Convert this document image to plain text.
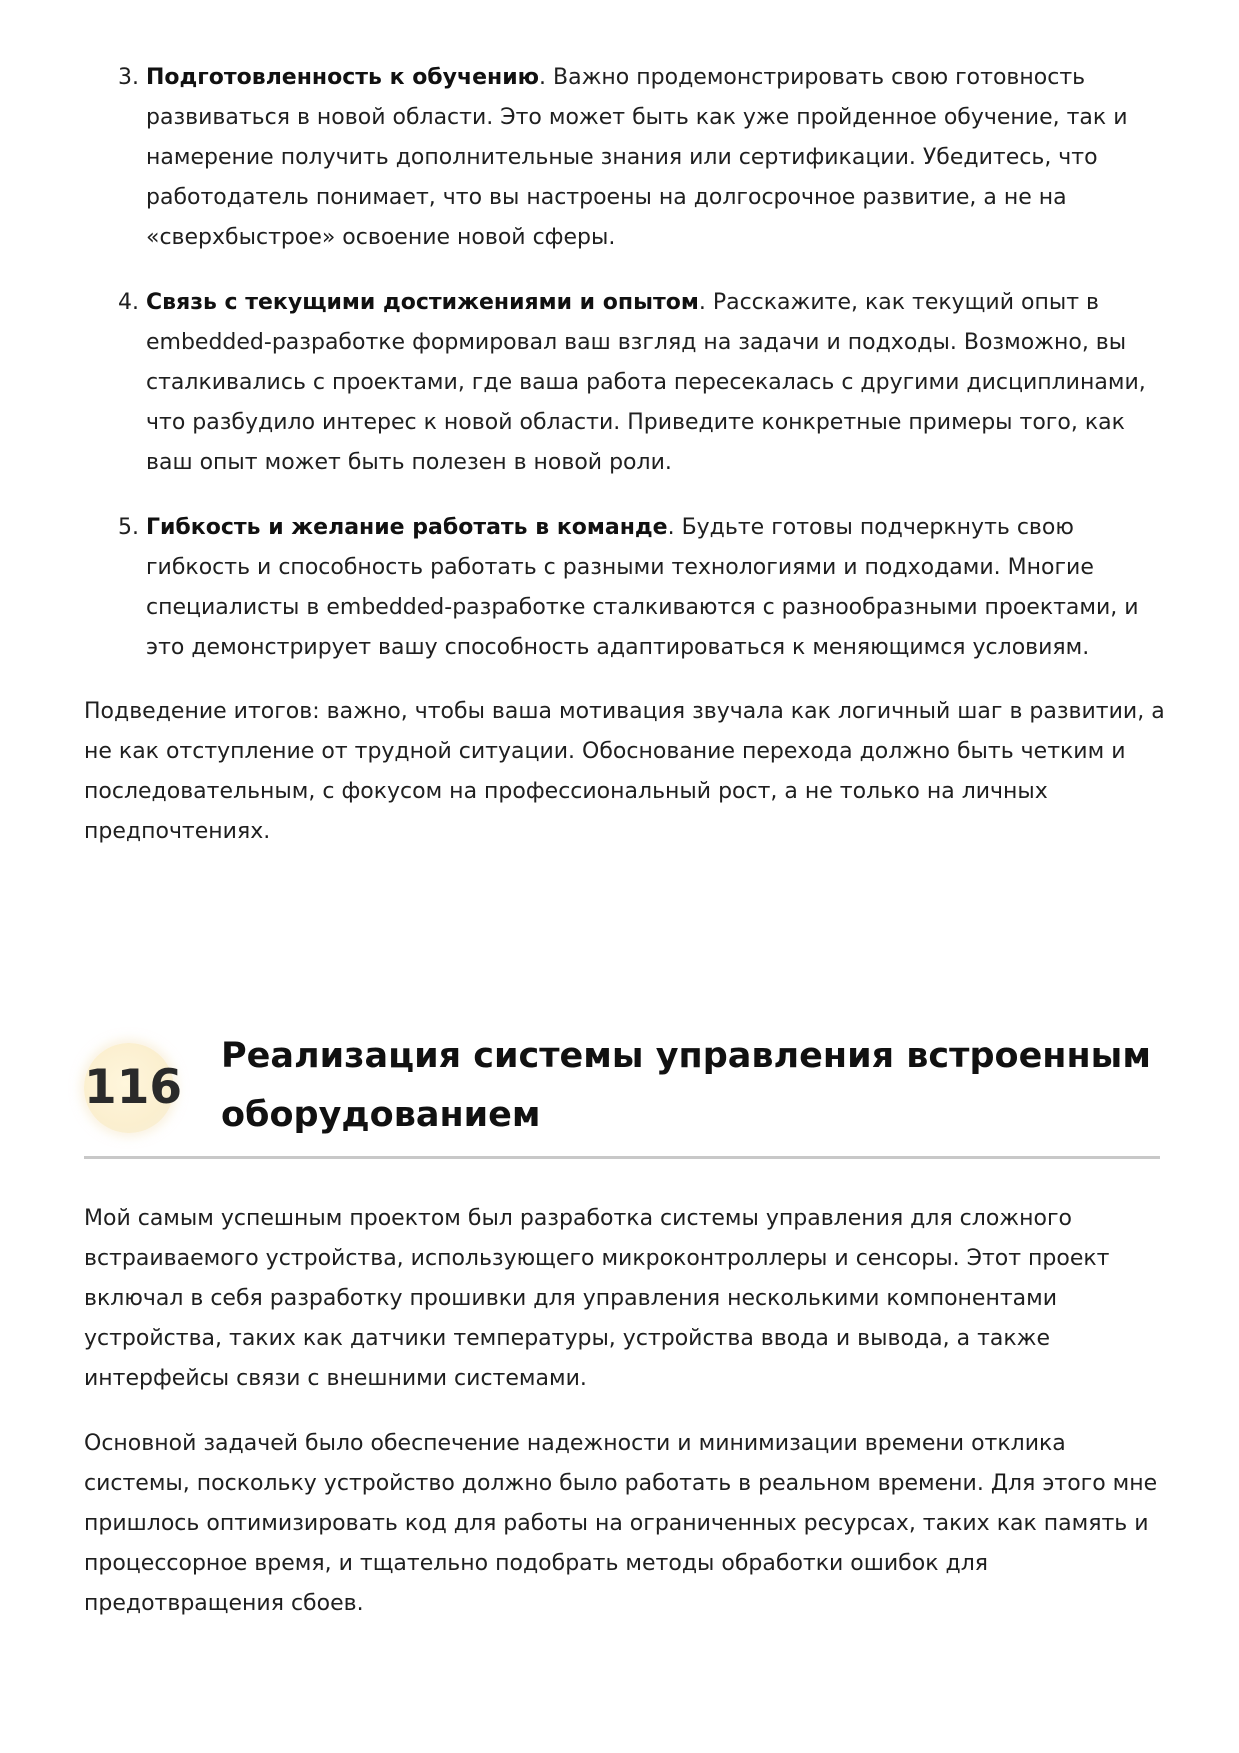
3. Подготовленность к обучению. Важно продемонстрировать свою готовность развиваться в новой области. Это может быть как уже пройденное обучение, так и намерение получить дополнительные знания или сертификации. Убедитесь, что работодатель понимает, что вы настроены на долгосрочное развитие, а не на «сверхбыстрое» освоение новой сферы.
4. Связь с текущими достижениями и опытом. Расскажите, как текущий опыт в embedded-разработке формировал ваш взгляд на задачи и подходы. Возможно, вы сталкивались с проектами, где ваша работа пересекалась с другими дисциплинами, что разбудило интерес к новой области. Приведите конкретные примеры того, как ваш опыт может быть полезен в новой роли.
5. Гибкость и желание работать в команде. Будьте готовы подчеркнуть свою гибкость и способность работать с разными технологиями и подходами. Многие специалисты в embedded-разработке сталкиваются с разнообразными проектами, и это демонстрирует вашу способность адаптироваться к меняющимся условиям.

Подведение итогов: важно, чтобы ваша мотивация звучала как логичный шаг в развитии, а не как отступление от трудной ситуации. Обоснование перехода должно быть четким и последовательным, с фокусом на профессиональный рост, а не только на личных предпочтениях.

116
Реализация системы управления встроенным оборудованием

Мой самым успешным проектом был разработка системы управления для сложного встраиваемого устройства, использующего микроконтроллеры и сенсоры. Этот проект включал в себя разработку прошивки для управления несколькими компонентами устройства, таких как датчики температуры, устройства ввода и вывода, а также интерфейсы связи с внешними системами.

Основной задачей было обеспечение надежности и минимизации времени отклика системы, поскольку устройство должно было работать в реальном времени. Для этого мне пришлось оптимизировать код для работы на ограниченных ресурсах, таких как память и процессорное время, и тщательно подобрать методы обработки ошибок для предотвращения сбоев.
